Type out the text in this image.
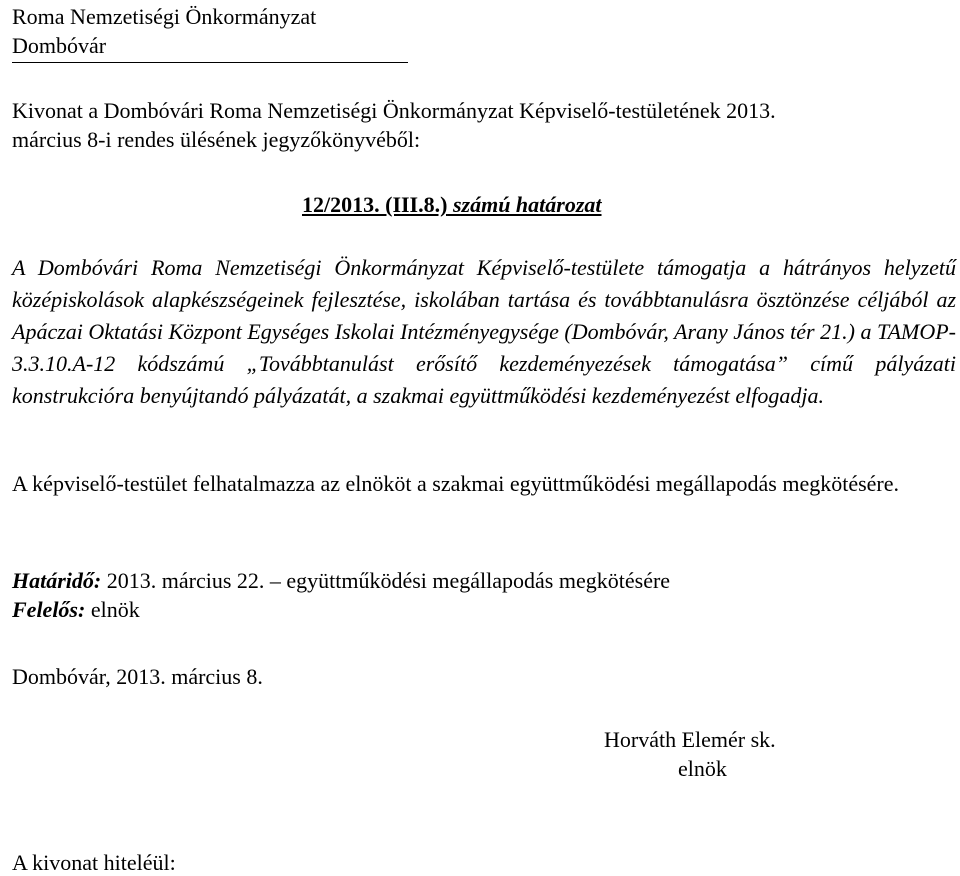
Roma Nemzetiségi Önkormányzat
Dombóvár
Kivonat a Dombóvári Roma Nemzetiségi Önkormányzat Képviselő-testületének 2013.
március 8-i rendes ülésének jegyzőkönyvéből:
12/2013. (III.8.) számú határozat

A Dombóvári Roma Nemzetiségi Önkormányzat Képviselő-testülete támogatja a hátrányos helyzetű középiskolások alapkészségeinek fejlesztése, iskolában tartása és továbbtanulásra ösztönzése céljából az Apáczai Oktatási Központ Egységes Iskolai Intézményegysége (Dombóvár, Arany János tér 21.) a TAMOP-3.3.10.A-12 kódszámú „Továbbtanulást erősítő kezdeményezések támogatása” című pályázati konstrukcióra benyújtandó pályázatát, a szakmai együttműködési kezdeményezést elfogadja.

A képviselő-testület felhatalmazza az elnököt a szakmai együttműködési megállapodás megkötésére.

Határidő: 2013. március 22. – együttműködési megállapodás megkötésére
Felelős: elnök
Dombóvár, 2013. március 8.
Horváth Elemér sk.
elnök
A kivonat hiteléül:
